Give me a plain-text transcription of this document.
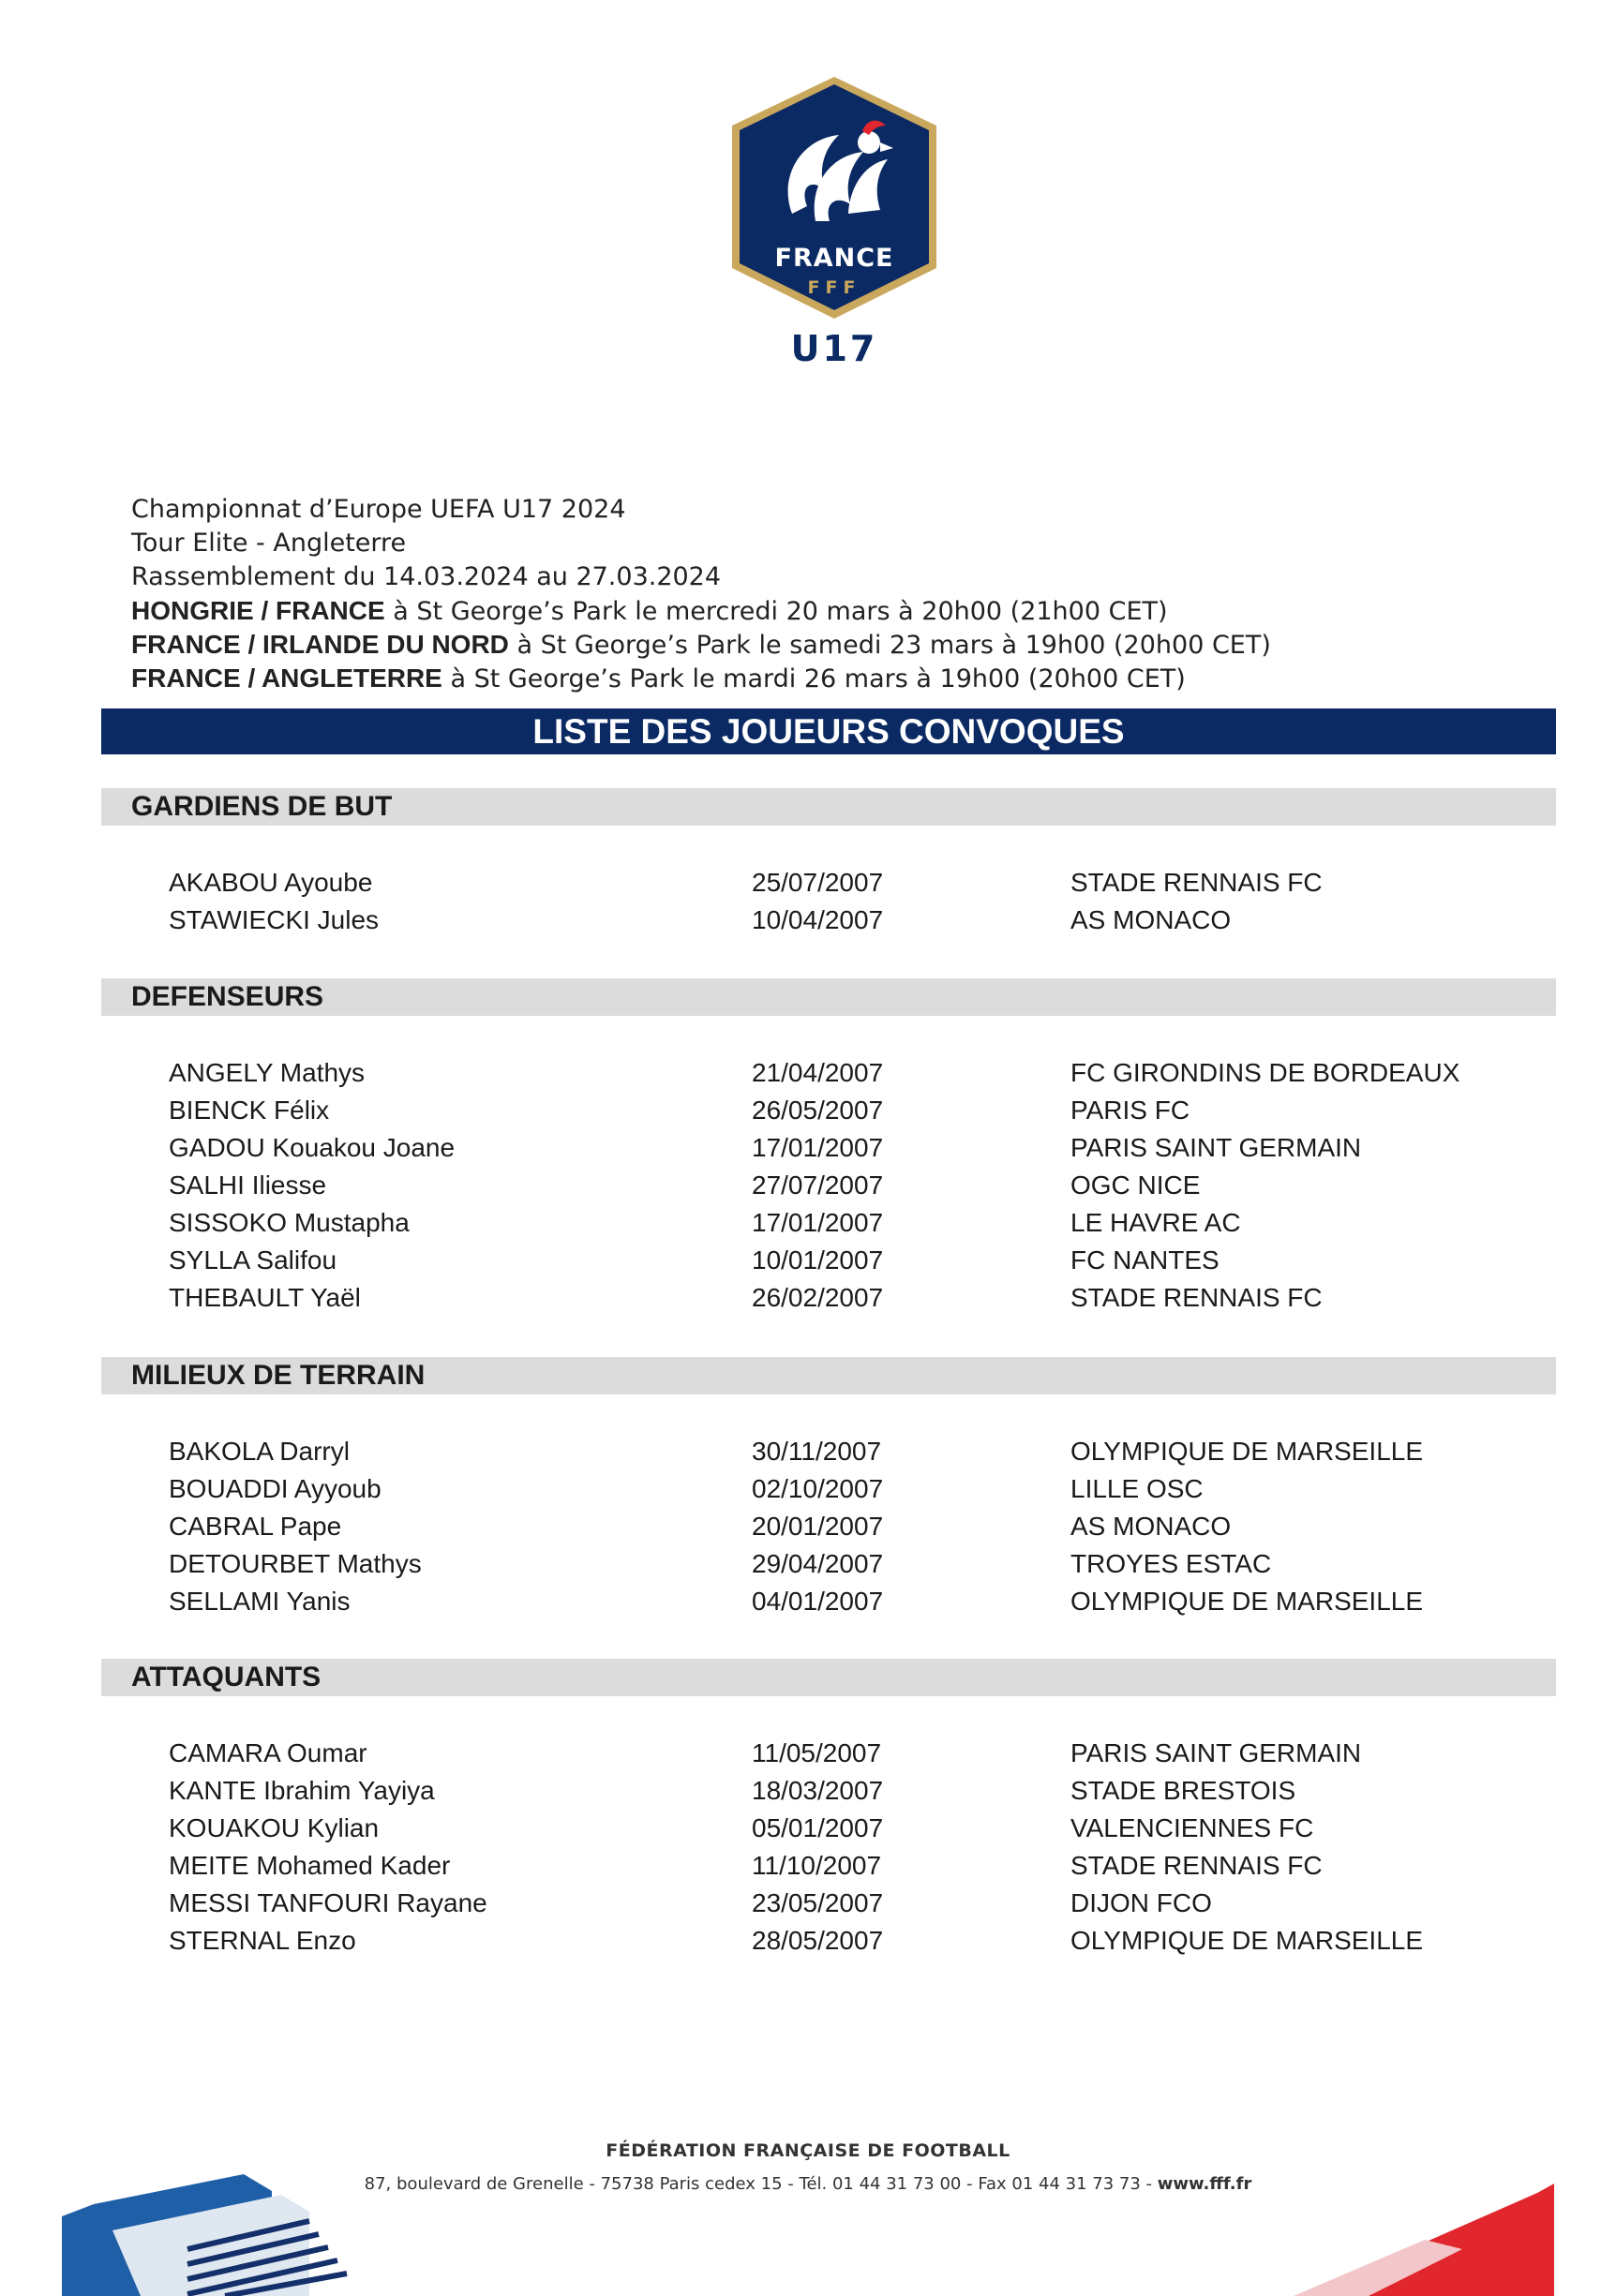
FRANCE
FFF
U17
Championnat d’Europe UEFA U17 2024
Tour Elite - Angleterre
Rassemblement du 14.03.2024 au 27.03.2024
HONGRIE / FRANCE à St George’s Park le mercredi 20 mars à 20h00 (21h00 CET)
FRANCE / IRLANDE DU NORD à St George’s Park le samedi 23 mars à 19h00 (20h00 CET)
FRANCE / ANGLETERRE à St George’s Park le mardi 26 mars à 19h00 (20h00 CET)
LISTE DES JOUEURS CONVOQUES
GARDIENS DE BUT
AKABOU Ayoube	25/07/2007	STADE RENNAIS FC
STAWIECKI Jules	10/04/2007	AS MONACO
DEFENSEURS
ANGELY Mathys	21/04/2007	FC GIRONDINS DE BORDEAUX
BIENCK Félix	26/05/2007	PARIS FC
GADOU Kouakou Joane	17/01/2007	PARIS SAINT GERMAIN
SALHI Iliesse	27/07/2007	OGC NICE
SISSOKO Mustapha	17/01/2007	LE HAVRE AC
SYLLA Salifou	10/01/2007	FC NANTES
THEBAULT Yaël	26/02/2007	STADE RENNAIS FC
MILIEUX DE TERRAIN
BAKOLA Darryl	30/11/2007	OLYMPIQUE DE MARSEILLE
BOUADDI Ayyoub	02/10/2007	LILLE OSC
CABRAL Pape	20/01/2007	AS MONACO
DETOURBET Mathys	29/04/2007	TROYES ESTAC
SELLAMI Yanis	04/01/2007	OLYMPIQUE DE MARSEILLE
ATTAQUANTS
CAMARA Oumar	11/05/2007	PARIS SAINT GERMAIN
KANTE Ibrahim Yayiya	18/03/2007	STADE BRESTOIS
KOUAKOU Kylian	05/01/2007	VALENCIENNES FC
MEITE Mohamed Kader	11/10/2007	STADE RENNAIS FC
MESSI TANFOURI Rayane	23/05/2007	DIJON FCO
STERNAL Enzo	28/05/2007	OLYMPIQUE DE MARSEILLE
FÉDÉRATION FRANÇAISE DE FOOTBALL
87, boulevard de Grenelle - 75738 Paris cedex 15 - Tél. 01 44 31 73 00 - Fax 01 44 31 73 73 - www.fff.fr
